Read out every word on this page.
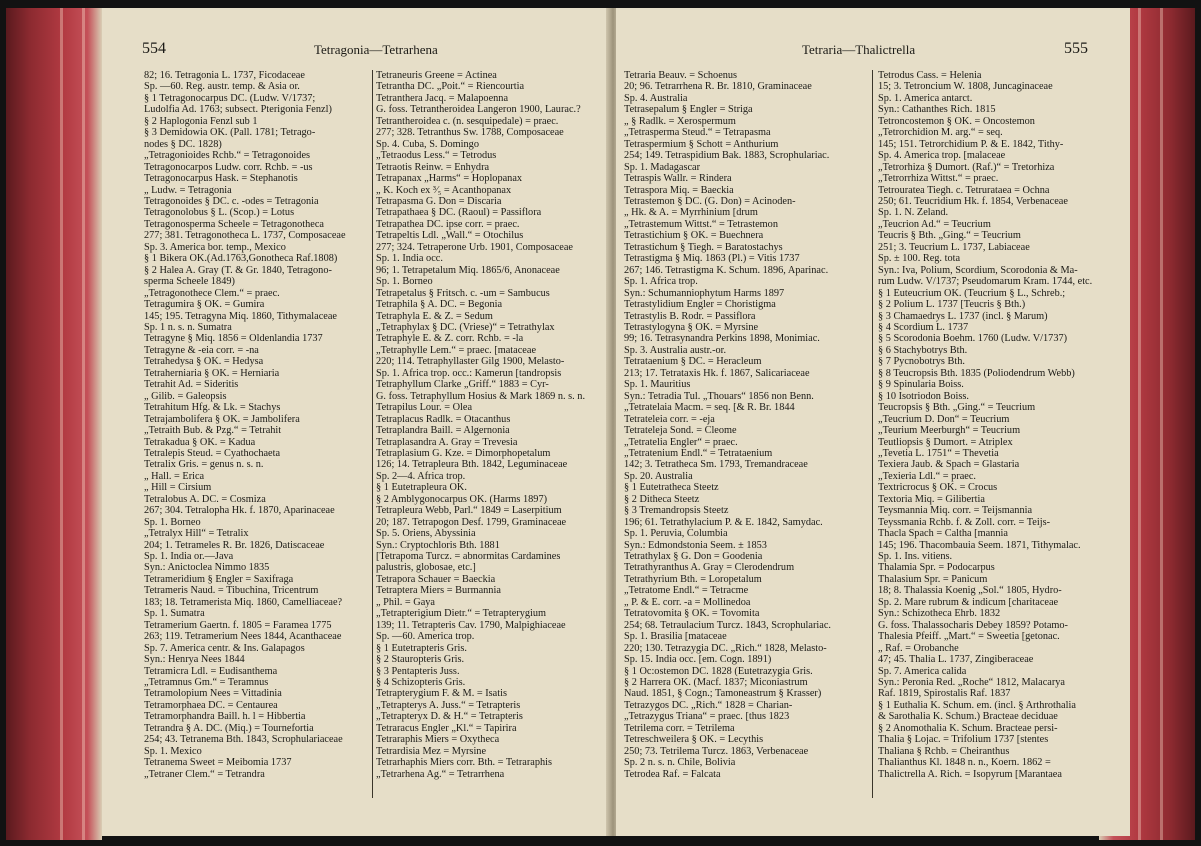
554	Tetragonia—Tetrarhena
82; 16. Tetragonia L. 1737, Ficodaceae
Sp. —60. Reg. austr. temp. & Asia or.
§ 1 Tetragonocarpus DC. (Ludw. V/1737;
Ludolfia Ad. 1763; subsect. Pterigonia Fenzl)
§ 2 Haplogonia Fenzl sub 1
§ 3 Demidowia OK. (Pall. 1781; Tetrago-
nodes § DC. 1828)
„Tetragonioides Rchb.“ = Tetragonoides
Tetragonocarpos Ludw. corr. Rchb. = -us
Tetragonocarpus Hask. = Stephanotis
„ Ludw. = Tetragonia
Tetragonoides § DC. c. -odes = Tetragonia
Tetragonolobus § L. (Scop.) = Lotus
Tetragonosperma Scheele = Tetragonotheca
277; 381. Tetragonotheca L. 1737, Composaceae
Sp. 3. America bor. temp., Mexico
§ 1 Bikera OK.(Ad.1763,Gonotheca Raf.1808)
§ 2 Halea A. Gray (T. & Gr. 1840, Tetragono-
sperma Scheele 1849)
„Tetragonothece Clem.“ = praec.
Tetragumira § OK. = Gumira
145; 195. Tetragyna Miq. 1860, Tithymalaceae
Sp. 1 n. s. n. Sumatra
Tetragyne § Miq. 1856 = Oldenlandia 1737
Tetragyne & -eia corr. = -na
Tetrahedysa § OK. = Hedysa
Tetraherniaria § OK. = Herniaria
Tetrahit Ad. = Sideritis
„ Gilib. = Galeopsis
Tetrahitum Hfg. & Lk. = Stachys
Tetrajambolifera § OK. = Jambolifera
„Tetraith Bub. & Pzg.“ = Tetrahit
Tetrakadua § OK. = Kadua
Tetralepis Steud. = Cyathochaeta
Tetralix Gris. = genus n. s. n.
„ Hall. = Erica
„ Hill = Cirsium
Tetralobus A. DC. = Cosmiza
267; 304. Tetralopha Hk. f. 1870, Aparinaceae
Sp. 1. Borneo
„Tetralyx Hill“ = Tetralix
204; 1. Tetrameles R. Br. 1826, Datiscaceae
Sp. 1. India or.—Java
Syn.: Anictoclea Nimmo 1835
Tetrameridium § Engler = Saxifraga
Tetrameris Naud. = Tibuchina, Tricentrum
183; 18. Tetramerista Miq. 1860, Camelliaceae?
Sp. 1. Sumatra
Tetramerium Gaertn. f. 1805 = Faramea 1775
263; 119. Tetramerium Nees 1844, Acanthaceae
Sp. 7. America centr. & Ins. Galapagos
Syn.: Henrya Nees 1844
Tetramicra Ldl. = Eudisanthema
„Tetramnus Gm.“ = Teramnus
Tetramolopium Nees = Vittadinia
Tetramorphaea DC. = Centaurea
Tetramorphandra Baill. h. l = Hibbertia
Tetrandra § A. DC. (Miq.) = Tournefortia
254; 43. Tetranema Bth. 1843, Scrophulariaceae
Sp. 1. Mexico
Tetranema Sweet = Meibomia 1737
„Tetraner Clem.“ = Tetrandra
Tetraneuris Greene = Actinea
Tetrantha DC. „Poit.“ = Riencourtia
Tetranthera Jacq. = Malapoenna
G. foss. Tetrantheroidea Langeron 1900, Laurac.?
Tetrantheroidea c. (n. sesquipedale) = praec.
277; 328. Tetranthus Sw. 1788, Composaceae
Sp. 4. Cuba, S. Domingo
„Tetraodus Less.“ = Tetrodus
Tetraotis Reinw. = Enhydra
Tetrapanax „Harms“ = Hoplopanax
„ K. Koch ex ³⁄₅ = Acanthopanax
Tetrapasma G. Don = Discaria
Tetrapathaea § DC. (Raoul) = Passiflora
Tetrapathea DC. ipse corr. = praec.
Tetrapeltis Ldl. „Wall.“ = Otochilus
277; 324. Tetraperone Urb. 1901, Composaceae
Sp. 1. India occ.
96; 1. Tetrapetalum Miq. 1865/6, Anonaceae
Sp. 1. Borneo
Tetrapetalus § Fritsch. c. -um = Sambucus
Tetraphila § A. DC. = Begonia
Tetraphyla E. & Z. = Sedum
„Tetraphylax § DC. (Vriese)“ = Tetrathylax
Tetraphyle E. & Z. corr. Rchb. = -la
„Tetraphylle Lem.“ = praec. [mataceae
220; 114. Tetraphyllaster Gilg 1900, Melasto-
Sp. 1. Africa trop. occ.: Kamerun [tandropsis
Tetraphyllum Clarke „Griff.“ 1883 = Cyr-
G. foss. Tetraphyllum Hosius & Mark 1869 n. s. n.
Tetrapilus Lour. = Olea
Tetraplacus Radlk. = Otacanthus
Tetraplandra Baill. = Algernonia
Tetraplasandra A. Gray = Trevesia
Tetraplasium G. Kze. = Dimorphopetalum
126; 14. Tetrapleura Bth. 1842, Leguminaceae
Sp. 2—4. Africa trop.
§ 1 Eutetrapleura OK.
§ 2 Amblygonocarpus OK. (Harms 1897)
Tetrapleura Webb, Parl.“ 1849 = Laserpitium
20; 187. Tetrapogon Desf. 1799, Graminaceae
Sp. 5. Oriens, Abyssinia
Syn.: Cryptochloris Bth. 1881
[Tetrapoma Turcz. = abnormitas Cardamines
palustris, globosae, etc.]
Tetrapora Schauer = Baeckia
Tetraptera Miers = Burmannia
„ Phil. = Gaya
„Tetrapterigium Dietr.“ = Tetrapterygium
139; 11. Tetrapteris Cav. 1790, Malpighiaceae
Sp. —60. America trop.
§ 1 Eutetrapteris Gris.
§ 2 Stauropteris Gris.
§ 3 Pentapteris Juss.
§ 4 Schizopteris Gris.
Tetrapterygium F. & M. = Isatis
„Tetrapterys A. Juss.“ = Tetrapteris
„Tetrapteryx D. & H.“ = Tetrapteris
Tetraracus Engler „Kl.“ = Tapirira
Tetraraphis Miers = Oxytheca
Tetrardisia Mez = Myrsine
Tetrarhaphis Miers corr. Bth. = Tetraraphis
„Tetrarhena Ag.“ = Tetrarrhena
Tetraria—Thalictrella	555
Tetraria Beauv. = Schoenus
20; 96. Tetrarrhena R. Br. 1810, Graminaceae
Sp. 4. Australia
Tetrasepalum § Engler = Striga
„ § Radlk. = Xerospermum
„Tetrasperma Steud.“ = Tetrapasma
Tetraspermium § Schott = Anthurium
254; 149. Tetraspidium Bak. 1883, Scrophulariac.
Sp. 1. Madagascar
Tetraspis Wallr. = Rindera
Tetraspora Miq. = Baeckia
Tetrastemon § DC. (G. Don) = Acinoden-
„ Hk. & A. = Myrrhinium [drum
„Tetrastemum Wittst.“ = Tetrastemon
Tetrastichium § OK. = Buechnera
Tetrastichum § Tiegh. = Baratostachys
Tetrastigma § Miq. 1863 (Pl.) = Vitis 1737
267; 146. Tetrastigma K. Schum. 1896, Aparinac.
Sp. 1. Africa trop.
Syn.: Schumanniophytum Harms 1897
Tetrastylidium Engler = Choristigma
Tetrastylis B. Rodr. = Passiflora
Tetrastylogyna § OK. = Myrsine
99; 16. Tetrasynandra Perkins 1898, Monimiac.
Sp. 3. Australia austr.-or.
Tetrataenium § DC. = Heracleum
213; 17. Tetrataxis Hk. f. 1867, Salicariaceae
Sp. 1. Mauritius
Syn.: Tetradia Tul. „Thouars“ 1856 non Benn.
„Tetratelaia Macm. = seq. [& R. Br. 1844
Tetrateleia corr. = -eja
Tetrateleja Sond. = Cleome
„Tetratelia Engler“ = praec.
„Tetratenium Endl.“ = Tetrataenium
142; 3. Tetratheca Sm. 1793, Tremandraceae
Sp. 20. Australia
§ 1 Eutetratheca Steetz
§ 2 Ditheca Steetz
§ 3 Tremandropsis Steetz
196; 61. Tetrathylacium P. & E. 1842, Samydac.
Sp. 1. Peruvia, Columbia
Syn.: Edmondstonia Seem. ± 1853
Tetrathylax § G. Don = Goodenia
Tetrathyranthus A. Gray = Clerodendrum
Tetrathyrium Bth. = Loropetalum
„Tetratome Endl.“ = Tetracme
„ P. & E. corr. -a = Mollinedoa
Tetratovomita § OK. = Tovomita
254; 68. Tetraulacium Turcz. 1843, Scrophulariac.
Sp. 1. Brasilia [mataceae
220; 130. Tetrazygia DC. „Rich.“ 1828, Melasto-
Sp. 15. India occ. [em. Cogn. 1891)
§ 1 Oc:ostemon DC. 1828 (Eutetrazygia Gris.
§ 2 Harrera OK. (Macf. 1837; Miconiastrum
Naud. 1851, § Cogn.; Tamoneastrum § Krasser)
Tetrazygos DC. „Rich.“ 1828 = Charian-
„Tetrazygus Triana“ = praec. [thus 1823
Tetrilema corr. = Tetrilema
Tetreschweilera § OK. = Lecythis
250; 73. Tetrilema Turcz. 1863, Verbenaceae
Sp. 2 n. s. n. Chile, Bolivia
Tetrodea Raf. = Falcata
Tetrodus Cass. = Helenia
15; 3. Tetroncium W. 1808, Juncaginaceae
Sp. 1. America antarct.
Syn.: Cathanthes Rich. 1815
Tetroncostemon § OK. = Oncostemon
„Tetrorchidion M. arg.“ = seq.
145; 151. Tetrorchidium P. & E. 1842, Tithy-
Sp. 4. America trop. [malaceae
„Tetrorhiza § Dumort. (Raf.)“ = Tretorhiza
„Tetrorrhiza Wittst.“ = praec.
Tetrouratea Tiegh. c. Tetrurataea = Ochna
250; 61. Teucridium Hk. f. 1854, Verbenaceae
Sp. 1. N. Zeland.
„Teucrion Ad.“ = Teucrium
Teucris § Bth. „Ging.“ = Teucrium
251; 3. Teucrium L. 1737, Labiaceae
Sp. ± 100. Reg. tota
Syn.: Iva, Polium, Scordium, Scorodonia & Ma-
rum Ludw. V/1737; Pseudomarum Kram. 1744, etc.
§ 1 Euteucrium OK. (Teucrium § L., Schreb.;
§ 2 Polium L. 1737 [Teucris § Bth.)
§ 3 Chamaedrys L. 1737 (incl. § Marum)
§ 4 Scordium L. 1737
§ 5 Scorodonia Boehm. 1760 (Ludw. V/1737)
§ 6 Stachybotrys Bth.
§ 7 Pycnobotrys Bth.
§ 8 Teucropsis Bth. 1835 (Poliodendrum Webb)
§ 9 Spinularia Boiss.
§ 10 Isotriodon Boiss.
Teucropsis § Bth. „Ging.“ = Teucrium
„Teucrium D. Don“ = Teucrium
„Teurium Meerburgh“ = Teucrium
Teutliopsis § Dumort. = Atriplex
„Tevetia L. 1751“ = Thevetia
Texiera Jaub. & Spach = Glastaria
„Texieria Ldl.“ = praec.
Textricrocus § OK. = Crocus
Textoria Miq. = Gilibertia
Teysmannia Miq. corr. = Teijsmannia
Teyssmania Rchb. f. & Zoll. corr. = Teijs-
Thacla Spach = Caltha [mannia
145; 196. Thacombauia Seem. 1871, Tithymalac.
Sp. 1. Ins. vitiens.
Thalamia Spr. = Podocarpus
Thalasium Spr. = Panicum
18; 8. Thalassia Koenig „Sol.“ 1805, Hydro-
Sp. 2. Mare rubrum & indicum [charitaceae
Syn.: Schizotheca Ehrb. 1832
G. foss. Thalassocharis Debey 1859? Potamo-
Thalesia Pfeiff. „Mart.“ = Sweetia [getonac.
„ Raf. = Orobanche
47; 45. Thalia L. 1737, Zingiberaceae
Sp. 7. America calida
Syn.: Peronia Red. „Roche“ 1812, Malacarya
Raf. 1819, Spirostalis Raf. 1837
§ 1 Euthalia K. Schum. em. (incl. § Arthrothalia
& Sarothalia K. Schum.) Bracteae deciduae
§ 2 Anomothalia K. Schum. Bracteae persi-
Thalia § Lojac. = Trifolium 1737 [stentes
Thaliana § Rchb. = Cheiranthus
Thalianthus Kl. 1848 n. n., Koern. 1862 =
Thalictrella A. Rich. = Isopyrum [Marantaea
